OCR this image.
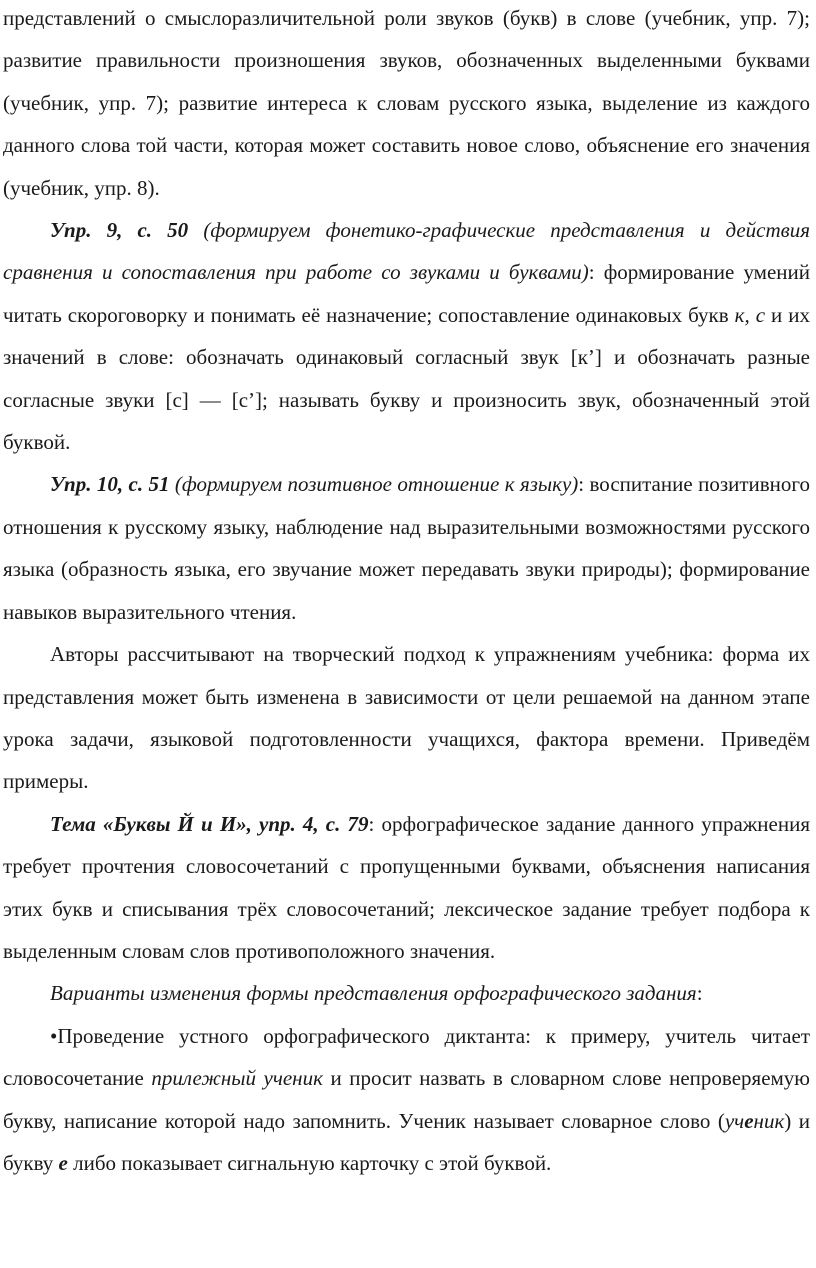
представлений о смыслоразличительной роли звуков (букв) в слове (учебник, упр. 7); развитие правильности произношения звуков, обозначенных выделенными буквами (учебник, упр. 7); развитие интереса к словам русского языка, выделение из каждого данного слова той части, которая может составить новое слово, объяснение его значения (учебник, упр. 8).

Упр. 9, с. 50 (формируем фонетико-графические представления и действия сравнения и сопоставления при работе со звуками и буквами): формирование умений читать скороговорку и понимать её назначение; сопоставление одинаковых букв к, с и их значений в слове: обозначать одинаковый согласный звук [к’] и обозначать разные согласные звуки [с] — [с’]; называть букву и произносить звук, обозначенный этой буквой.

Упр. 10, с. 51 (формируем позитивное отношение к языку): воспитание позитивного отношения к русскому языку, наблюдение над выразительными возможностями русского языка (образность языка, его звучание может передавать звуки природы); формирование навыков выразительного чтения.

Авторы рассчитывают на творческий подход к упражнениям учебника: форма их представления может быть изменена в зависимости от цели решаемой на данном этапе урока задачи, языковой подготовленности учащихся, фактора времени. Приведём примеры.

Тема «Буквы Й и И», упр. 4, с. 79: орфографическое задание данного упражнения требует прочтения словосочетаний с пропущенными буквами, объяснения написания этих букв и списывания трёх словосочетаний; лексическое задание требует подбора к выделенным словам слов противоположного значения.

Варианты изменения формы представления орфографического задания:

•Проведение устного орфографического диктанта: к примеру, учитель читает словосочетание прилежный ученик и просит назвать в словарном слове непроверяемую букву, написание которой надо запомнить. Ученик называет словарное слово (ученик) и букву е либо показывает сигнальную карточку с этой буквой.
